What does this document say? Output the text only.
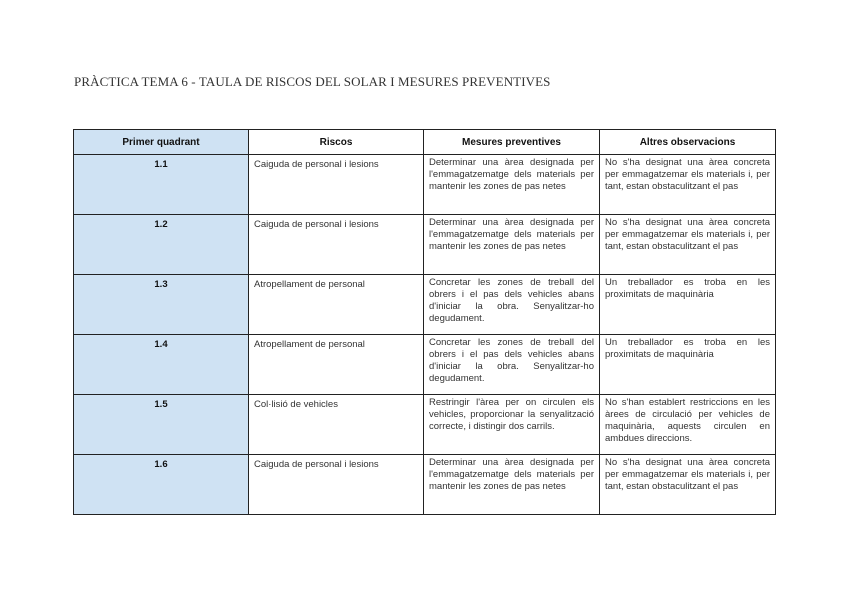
PRÀCTICA TEMA 6 - TAULA DE RISCOS DEL SOLAR I MESURES PREVENTIVES
Primer quadrant	Riscos	Mesures preventives	Altres observacions
1.1	Caiguda de personal i lesions	Determinar una àrea designada per l'emmagatzematge dels materials per mantenir les zones de pas netes	No s'ha designat una àrea concreta per emmagatzemar els materials i, per tant, estan obstaculitzant el pas
1.2	Caiguda de personal i lesions	Determinar una àrea designada per l'emmagatzematge dels materials per mantenir les zones de pas netes	No s'ha designat una àrea concreta per emmagatzemar els materials i, per tant, estan obstaculitzant el pas
1.3	Atropellament de personal	Concretar les zones de treball del obrers i el pas dels vehicles abans d'iniciar la obra. Senyalitzar-ho degudament.	Un treballador es troba en les proximitats de maquinària
1.4	Atropellament de personal	Concretar les zones de treball del obrers i el pas dels vehicles abans d'iniciar la obra. Senyalitzar-ho degudament.	Un treballador es troba en les proximitats de maquinària
1.5	Col·lisió de vehicles	Restringir l'àrea per on circulen els vehicles, proporcionar la senyalització correcte, i distingir dos carrils.	No s'han establert restriccions en les àrees de circulació per vehicles de maquinària, aquests circulen en ambdues direccions.
1.6	Caiguda de personal i lesions	Determinar una àrea designada per l'emmagatzematge dels materials per mantenir les zones de pas netes	No s'ha designat una àrea concreta per emmagatzemar els materials i, per tant, estan obstaculitzant el pas
